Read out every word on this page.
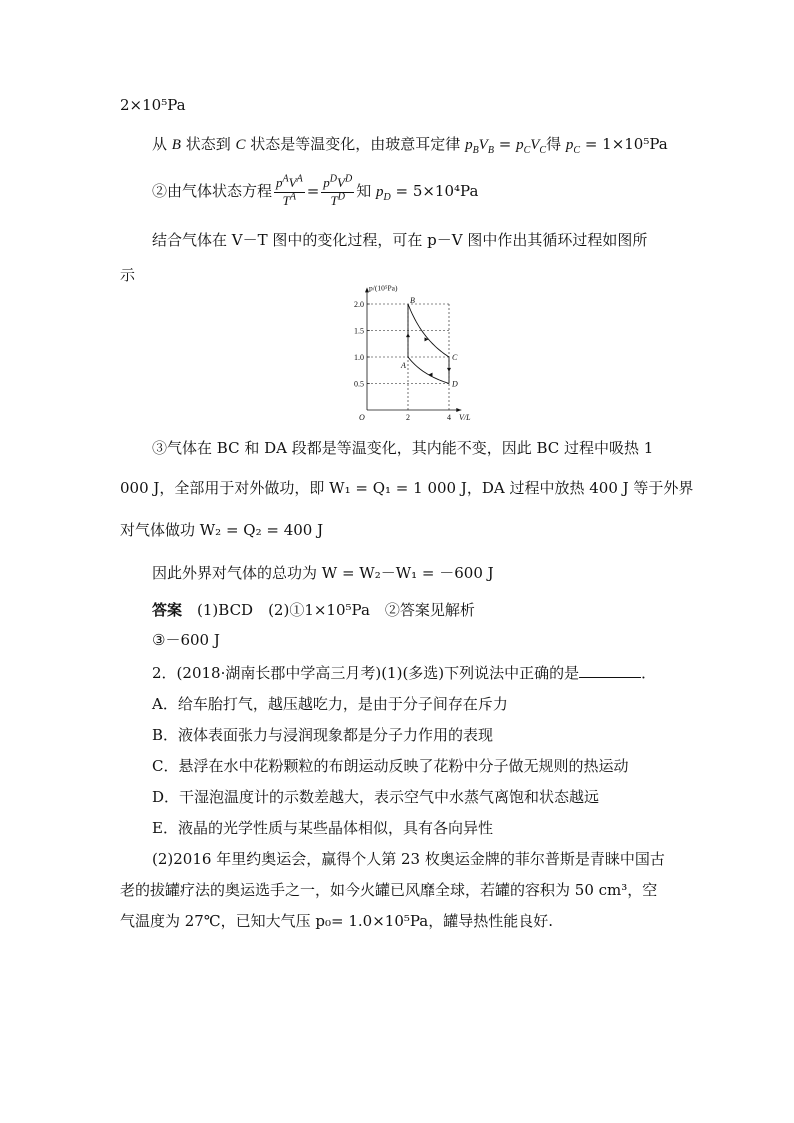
2×10⁵Pa
从 B 状态到 C 状态是等温变化，由玻意耳定律 $p_BV_B = p_CV_C$得 $p_C = 1\times 10^5Pa$
②由气体状态方程 $\frac{p^AV^A}{T^A} = \frac{p^DV^D}{T^D}$ 知 $p_D = 5\times 10^4Pa$
结合气体在 V－T 图中的变化过程，可在 p－V 图中作出其循环过程如图所
示
p/(10⁵Pa)
V/L
O
0.5
1.0
1.5
2.0
2	4
B
A
C
D
③气体在 BC 和 DA 段都是等温变化，其内能不变，因此 BC 过程中吸热 1
000 J，全部用于对外做功，即 W₁ = Q₁ = 1 000 J，DA 过程中放热 400 J 等于外界
对气体做功 W₂ = Q₂ = 400 J
因此外界对气体的总功为 W = W₂－W₁ = －600 J
答案　(1)BCD　(2)①1×10⁵Pa　②答案见解析
③－600 J
2．(2018·湖南长郡中学高三月考)(1)(多选)下列说法中正确的是	．
A．给车胎打气，越压越吃力，是由于分子间存在斥力
B．液体表面张力与浸润现象都是分子力作用的表现
C．悬浮在水中花粉颗粒的布朗运动反映了花粉中分子做无规则的热运动
D．干湿泡温度计的示数差越大，表示空气中水蒸气离饱和状态越远
E．液晶的光学性质与某些晶体相似，具有各向异性
(2)2016 年里约奥运会，赢得个人第 23 枚奥运金牌的菲尔普斯是青睐中国古
老的拔罐疗法的奥运选手之一，如今火罐已风靡全球，若罐的容积为 50 cm³，空
气温度为 27℃，已知大气压 p₀= 1.0×10⁵Pa，罐导热性能良好.
